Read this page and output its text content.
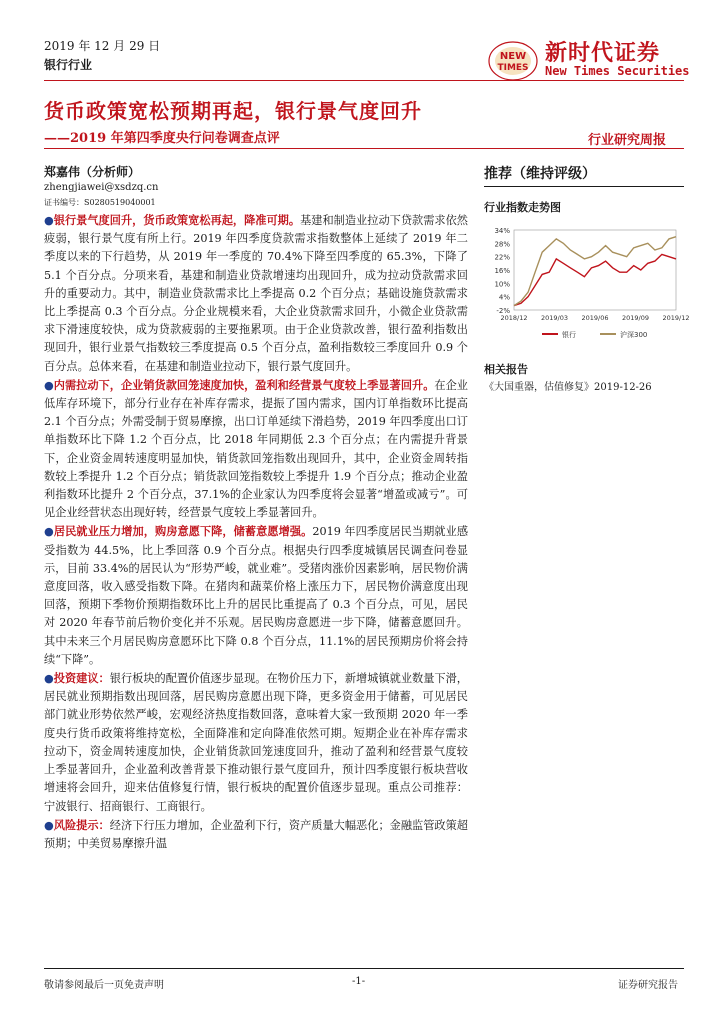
2019 年 12 月 29 日
银行行业
NEW
TIMES
新时代证券
New Times Securities
货币政策宽松预期再起，银行景气度回升
——2019 年第四季度央行问卷调查点评	行业研究周报
郑嘉伟（分析师）
zhengjiawei@xsdzq.cn
证书编号：S0280519040001
推荐（维持评级）
行业指数走势图
34%
28%
22%
16%
10%
4%
-2%
2018/12 2019/03 2019/06 2019/09 2019/12
银行	沪深300
相关报告
《大国重器，估值修复》2019-12-26

●银行景气度回升，货币政策宽松再起，降准可期。基建和制造业拉动下贷款需求依然疲弱，银行景气度有所上行。2019 年四季度贷款需求指数整体上延续了 2019 年二季度以来的下行趋势，从 2019 年一季度的 70.4%下降至四季度的 65.3%，下降了 5.1 个百分点。分项来看，基建和制造业贷款增速均出现回升，成为拉动贷款需求回升的重要动力。其中，制造业贷款需求比上季提高 0.2 个百分点；基础设施贷款需求比上季提高 0.3 个百分点。分企业规模来看，大企业贷款需求回升，小微企业贷款需求下滑速度较快，成为贷款疲弱的主要拖累项。由于企业贷款改善，银行盈利指数出现回升，银行业景气指数较三季度提高 0.5 个百分点，盈利指数较三季度回升 0.9 个百分点。总体来看，在基建和制造业拉动下，银行景气度回升。

●内需拉动下，企业销货款回笼速度加快，盈利和经营景气度较上季显著回升。在企业低库存环境下，部分行业存在补库存需求，提振了国内需求，国内订单指数环比提高 2.1 个百分点；外需受制于贸易摩擦，出口订单延续下滑趋势，2019 年四季度出口订单指数环比下降 1.2 个百分点，比 2018 年同期低 2.3 个百分点；在内需提升背景下，企业资金周转速度明显加快，销货款回笼指数出现回升，其中，企业资金周转指数较上季提升 1.2 个百分点；销货款回笼指数较上季提升 1.9 个百分点；推动企业盈利指数环比提升 2 个百分点，37.1%的企业家认为四季度将会显著“增盈或减亏”。可见企业经营状态出现好转，经营景气度较上季显著回升。

●居民就业压力增加，购房意愿下降，储蓄意愿增强。2019 年四季度居民当期就业感受指数为 44.5%，比上季回落 0.9 个百分点。根据央行四季度城镇居民调查问卷显示，目前 33.4%的居民认为“形势严峻，就业难”。受猪肉涨价因素影响，居民物价满意度回落，收入感受指数下降。在猪肉和蔬菜价格上涨压力下，居民物价满意度出现回落，预期下季物价预期指数环比上升的居民比重提高了 0.3 个百分点，可见，居民对 2020 年春节前后物价变化并不乐观。居民购房意愿进一步下降，储蓄意愿回升。其中未来三个月居民购房意愿环比下降 0.8 个百分点，11.1%的居民预期房价将会持续“下降”。

●投资建议：银行板块的配置价值逐步显现。在物价压力下，新增城镇就业数量下滑，居民就业预期指数出现回落，居民购房意愿出现下降，更多资金用于储蓄，可见居民部门就业形势依然严峻，宏观经济热度指数回落，意味着大家一致预期 2020 年一季度央行货币政策将维持宽松，全面降准和定向降准依然可期。短期企业在补库存需求拉动下，资金周转速度加快，企业销货款回笼速度回升，推动了盈利和经营景气度较上季显著回升，企业盈利改善背景下推动银行景气度回升，预计四季度银行板块营收增速将会回升，迎来估值修复行情，银行板块的配置价值逐步显现。重点公司推荐：宁波银行、招商银行、工商银行。

●风险提示：经济下行压力增加，企业盈利下行，资产质量大幅恶化；金融监管政策超预期；中美贸易摩擦升温

敬请参阅最后一页免责声明	-1-	证券研究报告
